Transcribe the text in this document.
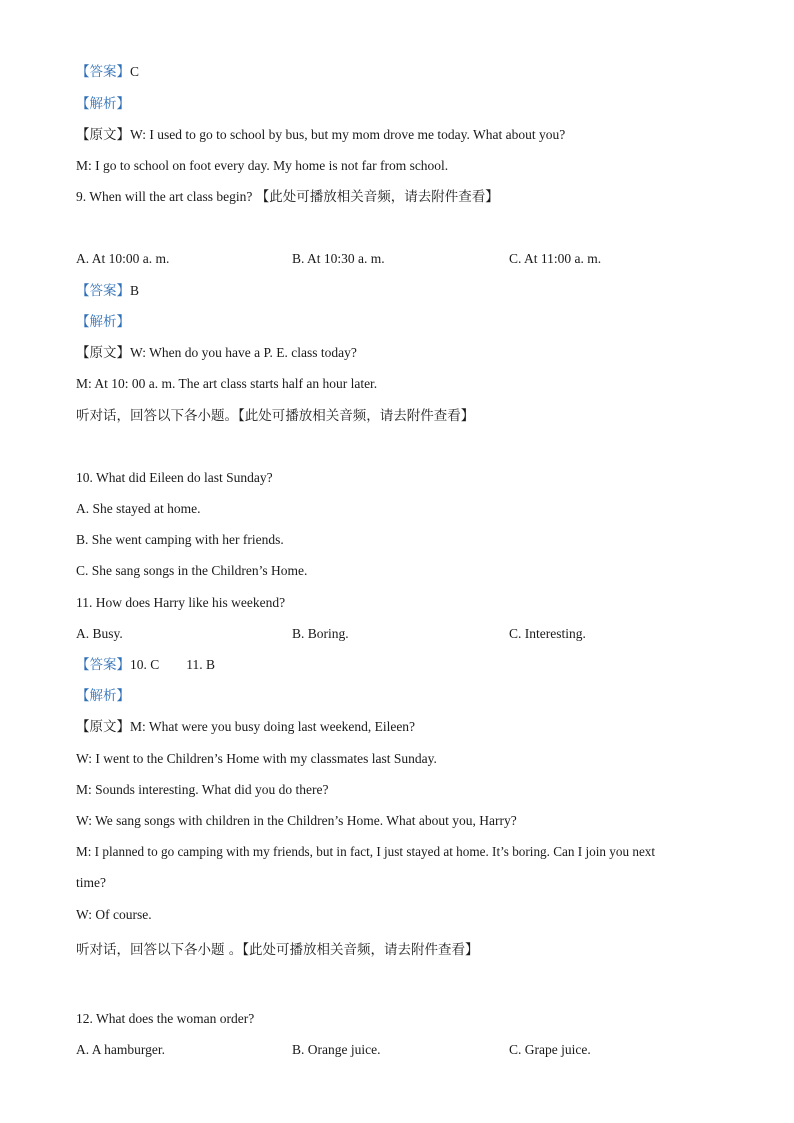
【答案】C
【解析】
【原文】W: I used to go to school by bus, but my mom drove me today. What about you?
M: I go to school on foot every day. My home is not far from school.
9. When will the art class begin? 【此处可播放相关音频，请去附件查看】
A. At 10:00 a. m.	B. At 10:30 a. m.	C. At 11:00 a. m.
【答案】B
【解析】
【原文】W: When do you have a P. E. class today?
M: At 10: 00 a. m. The art class starts half an hour later.
听对话，回答以下各小题。【此处可播放相关音频，请去附件查看】
10. What did Eileen do last Sunday?
A. She stayed at home.
B. She went camping with her friends.
C. She sang songs in the Children’s Home.
11. How does Harry like his weekend?
A. Busy.	B. Boring.	C. Interesting.
【答案】10. C        11. B
【解析】
【原文】M: What were you busy doing last weekend, Eileen?
W: I went to the Children’s Home with my classmates last Sunday.
M: Sounds interesting. What did you do there?
W: We sang songs with children in the Children’s Home. What about you, Harry?
M: I planned to go camping with my friends, but in fact, I just stayed at home. It’s boring. Can I join you next
time?
W: Of course.
听对话，回答以下各小题 。【此处可播放相关音频，请去附件查看】
12. What does the woman order?
A. A hamburger.	B. Orange juice.	C. Grape juice.
